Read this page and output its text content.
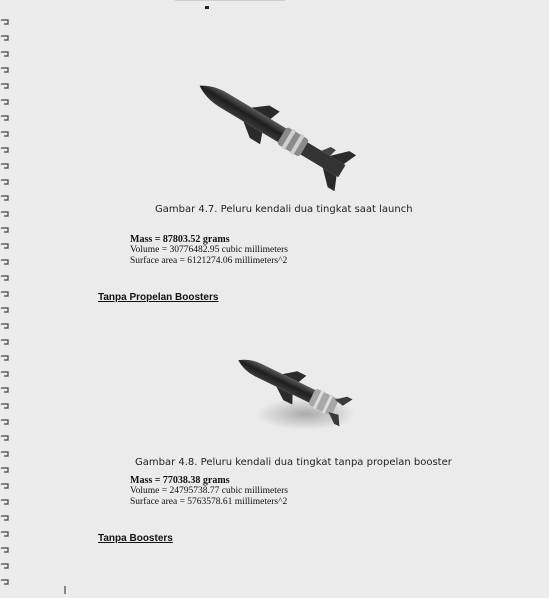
Gambar 4.7. Peluru kendali dua tingkat saat launch
Mass = 87803.52 grams
Volume = 30776482.95 cubic millimeters
Surface area = 6121274.06 millimeters^2
Tanpa Propelan Boosters
Gambar 4.8. Peluru kendali dua tingkat tanpa propelan booster
Mass = 77038.38 grams
Volume = 24795738.77 cubic millimeters
Surface area = 5763578.61 millimeters^2
Tanpa Boosters
